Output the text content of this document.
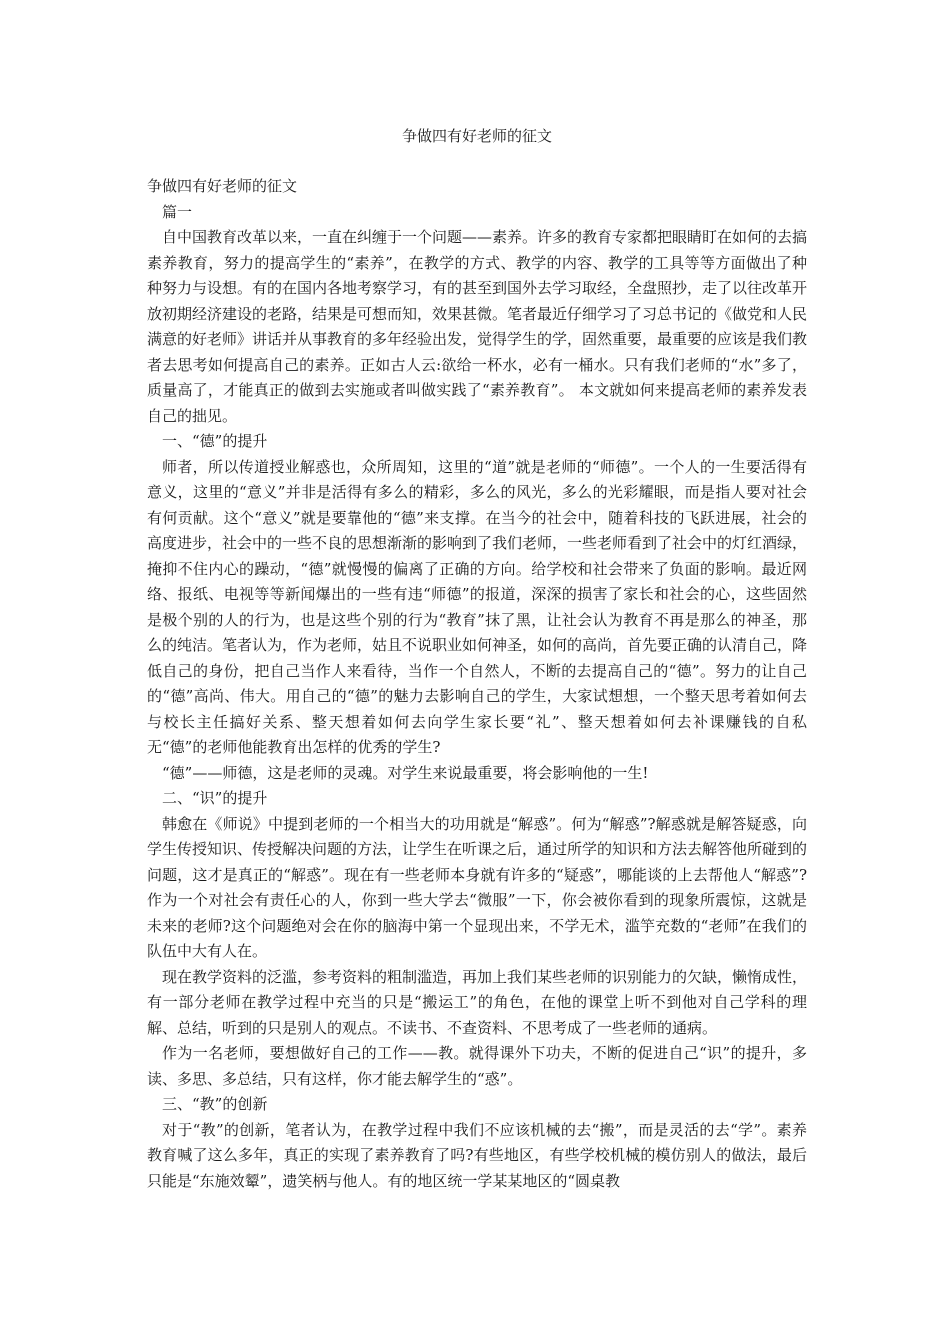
争做四有好老师的征文

争做四有好老师的征文

篇一

自中国教育改革以来，一直在纠缠于一个问题——素养。许多的教育专家都把眼睛盯在如何的去搞素养教育，努力的提高学生的“素养”，在教学的方式、教学的内容、教学的工具等等方面做出了种种努力与设想。有的在国内各地考察学习，有的甚至到国外去学习取经，全盘照抄，走了以往改革开放初期经济建设的老路，结果是可想而知，效果甚微。笔者最近仔细学习了习总书记的《做党和人民满意的好老师》讲话并从事教育的多年经验出发，觉得学生的学，固然重要，最重要的应该是我们教者去思考如何提高自己的素养。正如古人云:欲给一杯水，必有一桶水。只有我们老师的“水”多了，质量高了，才能真正的做到去实施或者叫做实践了“素养教育”。 本文就如何来提高老师的素养发表自己的拙见。

一、“德”的提升

师者，所以传道授业解惑也，众所周知，这里的“道”就是老师的“师德”。一个人的一生要活得有意义，这里的“意义”并非是活得有多么的精彩，多么的风光，多么的光彩耀眼，而是指人要对社会有何贡献。这个“意义”就是要靠他的“德”来支撑。在当今的社会中，随着科技的飞跃进展，社会的高度进步，社会中的一些不良的思想渐渐的影响到了我们老师，一些老师看到了社会中的灯红酒绿，掩抑不住内心的躁动，“德”就慢慢的偏离了正确的方向。给学校和社会带来了负面的影响。最近网络、报纸、电视等等新闻爆出的一些有违“师德”的报道，深深的损害了家长和社会的心，这些固然是极个别的人的行为，也是这些个别的行为“教育”抹了黑，让社会认为教育不再是那么的神圣，那么的纯洁。笔者认为，作为老师，姑且不说职业如何神圣，如何的高尚，首先要正确的认清自己，降低自己的身份，把自己当作人来看待，当作一个自然人，不断的去提高自己的“德”。努力的让自己的“德”高尚、伟大。用自己的“德”的魅力去影响自己的学生，大家试想想，一个整天思考着如何去与校长主任搞好关系、整天想着如何去向学生家长要“礼”、整天想着如何去补课赚钱的自私无“德”的老师他能教育出怎样的优秀的学生?

“德”——师德，这是老师的灵魂。对学生来说最重要，将会影响他的一生!

二、“识”的提升

韩愈在《师说》中提到老师的一个相当大的功用就是“解惑”。何为“解惑”?解惑就是解答疑惑，向学生传授知识、传授解决问题的方法，让学生在听课之后，通过所学的知识和方法去解答他所碰到的问题，这才是真正的“解惑”。现在有一些老师本身就有许多的“疑惑”，哪能谈的上去帮他人“解惑”?作为一个对社会有责任心的人，你到一些大学去“微服”一下，你会被你看到的现象所震惊，这就是未来的老师?这个问题绝对会在你的脑海中第一个显现出来，不学无术，滥竽充数的“老师”在我们的队伍中大有人在。

现在教学资料的泛滥，参考资料的粗制滥造，再加上我们某些老师的识别能力的欠缺，懒惰成性，有一部分老师在教学过程中充当的只是“搬运工”的角色，在他的课堂上听不到他对自己学科的理解、总结，听到的只是别人的观点。不读书、不查资料、不思考成了一些老师的通病。

作为一名老师，要想做好自己的工作——教。就得课外下功夫，不断的促进自己“识”的提升，多读、多思、多总结，只有这样，你才能去解学生的“惑”。

三、“教”的创新

对于“教”的创新，笔者认为，在教学过程中我们不应该机械的去“搬”，而是灵活的去“学”。素养教育喊了这么多年，真正的实现了素养教育了吗?有些地区，有些学校机械的模仿别人的做法，最后只能是“东施效颦”，遗笑柄与他人。有的地区统一学某某地区的“圆桌教
